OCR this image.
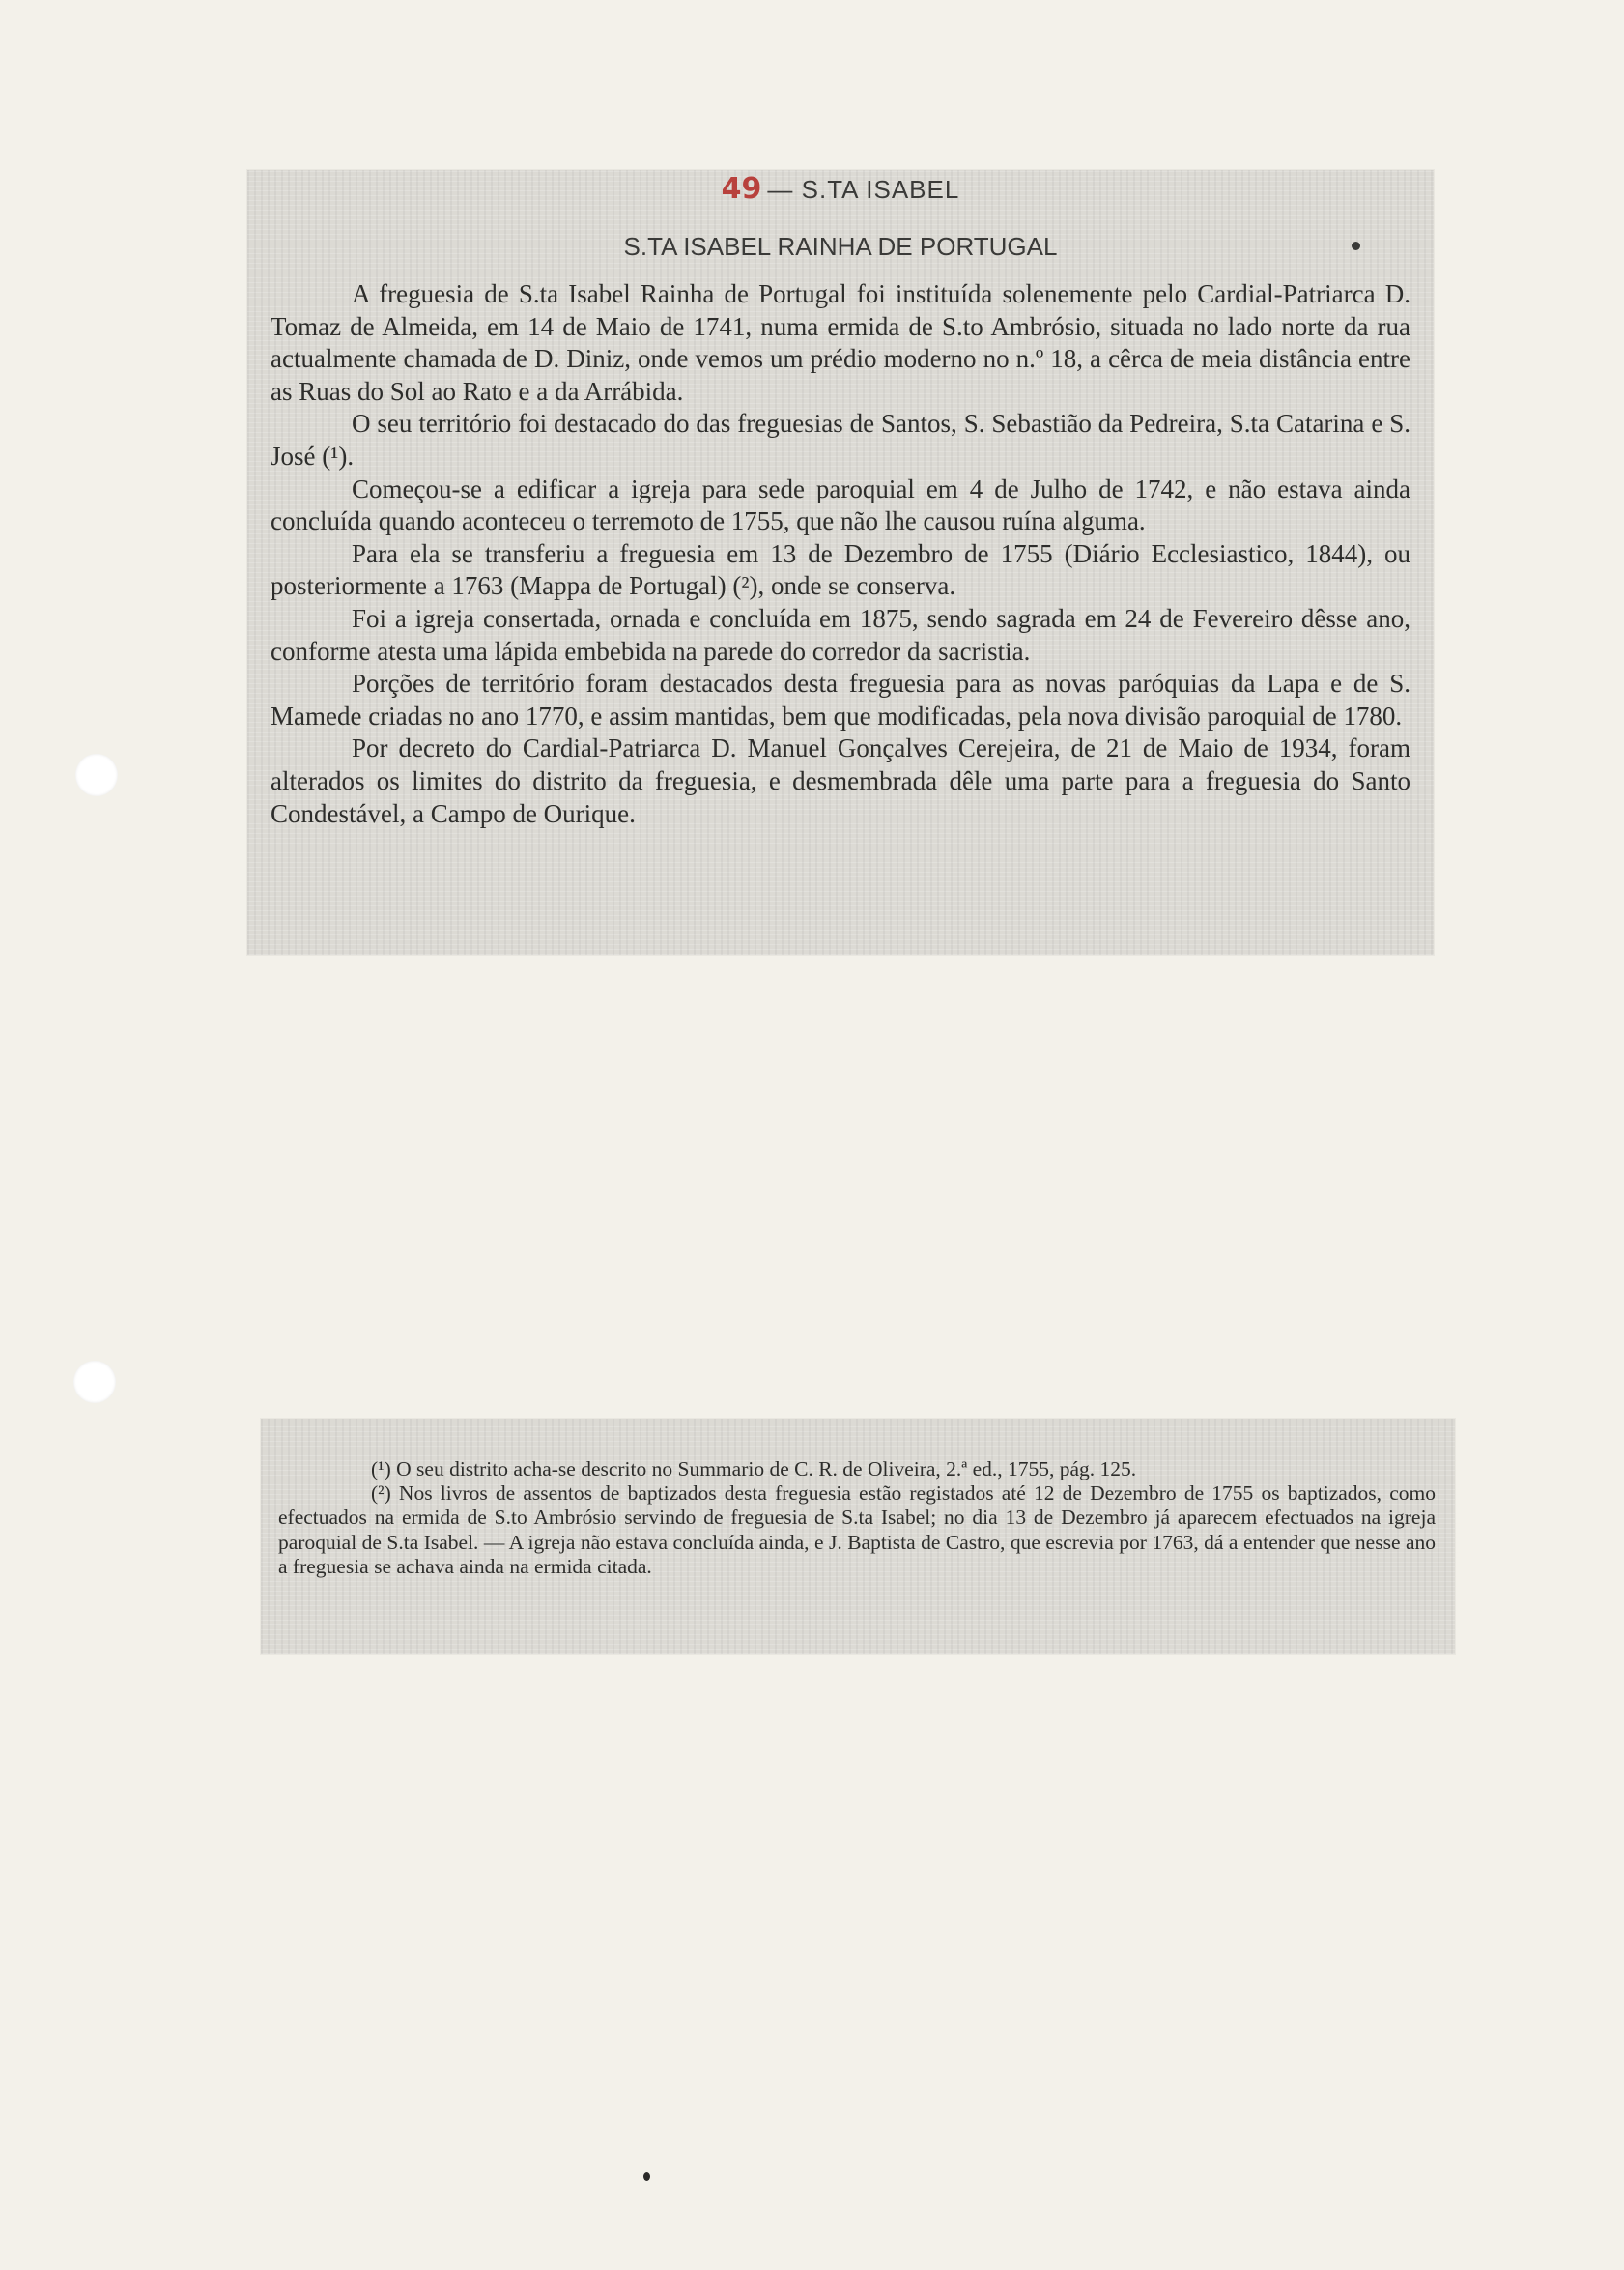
49 — S.TA ISABEL
S.TA ISABEL RAINHA DE PORTUGAL

A freguesia de S.ta Isabel Rainha de Portugal foi instituída solenemente pelo Cardial-Patriarca D. Tomaz de Almeida, em 14 de Maio de 1741, numa ermida de S.to Ambrósio, situada no lado norte da rua actualmente chamada de D. Diniz, onde vemos um prédio moderno no n.º 18, a cêrca de meia distância entre as Ruas do Sol ao Rato e a da Arrábida.

O seu território foi destacado do das freguesias de Santos, S. Sebastião da Pedreira, S.ta Catarina e S. José (¹).

Começou-se a edificar a igreja para sede paroquial em 4 de Julho de 1742, e não estava ainda concluída quando aconteceu o terremoto de 1755, que não lhe causou ruína alguma.

Para ela se transferiu a freguesia em 13 de Dezembro de 1755 (Diário Ecclesiastico, 1844), ou posteriormente a 1763 (Mappa de Portugal) (²), onde se conserva.

Foi a igreja consertada, ornada e concluída em 1875, sendo sagrada em 24 de Fevereiro dêsse ano, conforme atesta uma lápida embebida na parede do corredor da sacristia.

Porções de território foram destacados desta freguesia para as novas paróquias da Lapa e de S. Mamede criadas no ano 1770, e assim mantidas, bem que modificadas, pela nova divisão paroquial de 1780.

Por decreto do Cardial-Patriarca D. Manuel Gonçalves Cerejeira, de 21 de Maio de 1934, foram alterados os limites do distrito da freguesia, e desmembrada dêle uma parte para a freguesia do Santo Condestável, a Campo de Ourique.

(¹) O seu distrito acha-se descrito no Summario de C. R. de Oliveira, 2.ª ed., 1755, pág. 125.

(²) Nos livros de assentos de baptizados desta freguesia estão registados até 12 de Dezembro de 1755 os baptizados, como efectuados na ermida de S.to Ambrósio servindo de freguesia de S.ta Isabel; no dia 13 de Dezembro já aparecem efectuados na igreja paroquial de S.ta Isabel. — A igreja não estava concluída ainda, e J. Baptista de Castro, que escrevia por 1763, dá a entender que nesse ano a freguesia se achava ainda na ermida citada.
